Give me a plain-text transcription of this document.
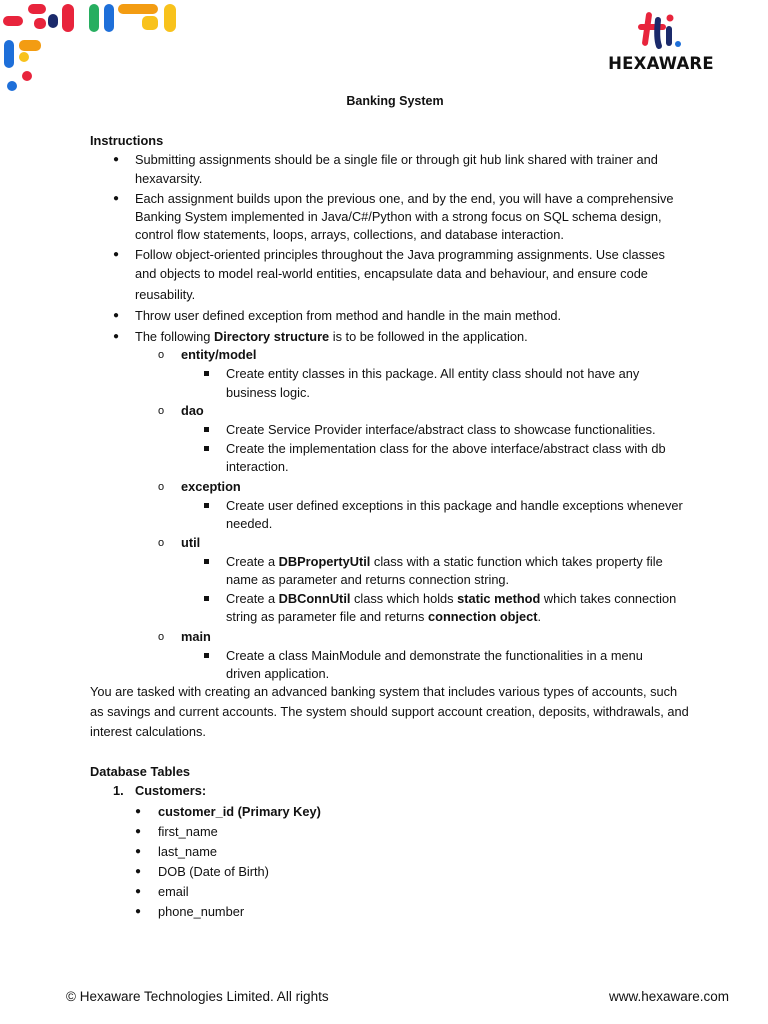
HEXAWARE
Banking System
Instructions
● Submitting assignments should be a single file or through git hub link shared with trainer and
hexavarsity.
● Each assignment builds upon the previous one, and by the end, you will have a comprehensive
Banking System implemented in Java/C#/Python with a strong focus on SQL schema design,
control flow statements, loops, arrays, collections, and database interaction.
● Follow object-oriented principles throughout the Java programming assignments. Use classes
and objects to model real-world entities, encapsulate data and behaviour, and ensure code
reusability.
● Throw user defined exception from method and handle in the main method.
● The following Directory structure is to be followed in the application.
o entity/model
Create entity classes in this package. All entity class should not have any
business logic.
o dao
Create Service Provider interface/abstract class to showcase functionalities.
Create the implementation class for the above interface/abstract class with db
interaction.
o exception
Create user defined exceptions in this package and handle exceptions whenever
needed.
o util
Create a DBPropertyUtil class with a static function which takes property file
name as parameter and returns connection string.
Create a DBConnUtil class which holds static method which takes connection
string as parameter file and returns connection object.
o main
Create a class MainModule and demonstrate the functionalities in a menu
driven application.
You are tasked with creating an advanced banking system that includes various types of accounts, such
as savings and current accounts. The system should support account creation, deposits, withdrawals, and
interest calculations.
Database Tables
1. Customers:
● customer_id (Primary Key)
● first_name
● last_name
● DOB (Date of Birth)
● email
● phone_number
© Hexaware Technologies Limited. All rights	www.hexaware.com
